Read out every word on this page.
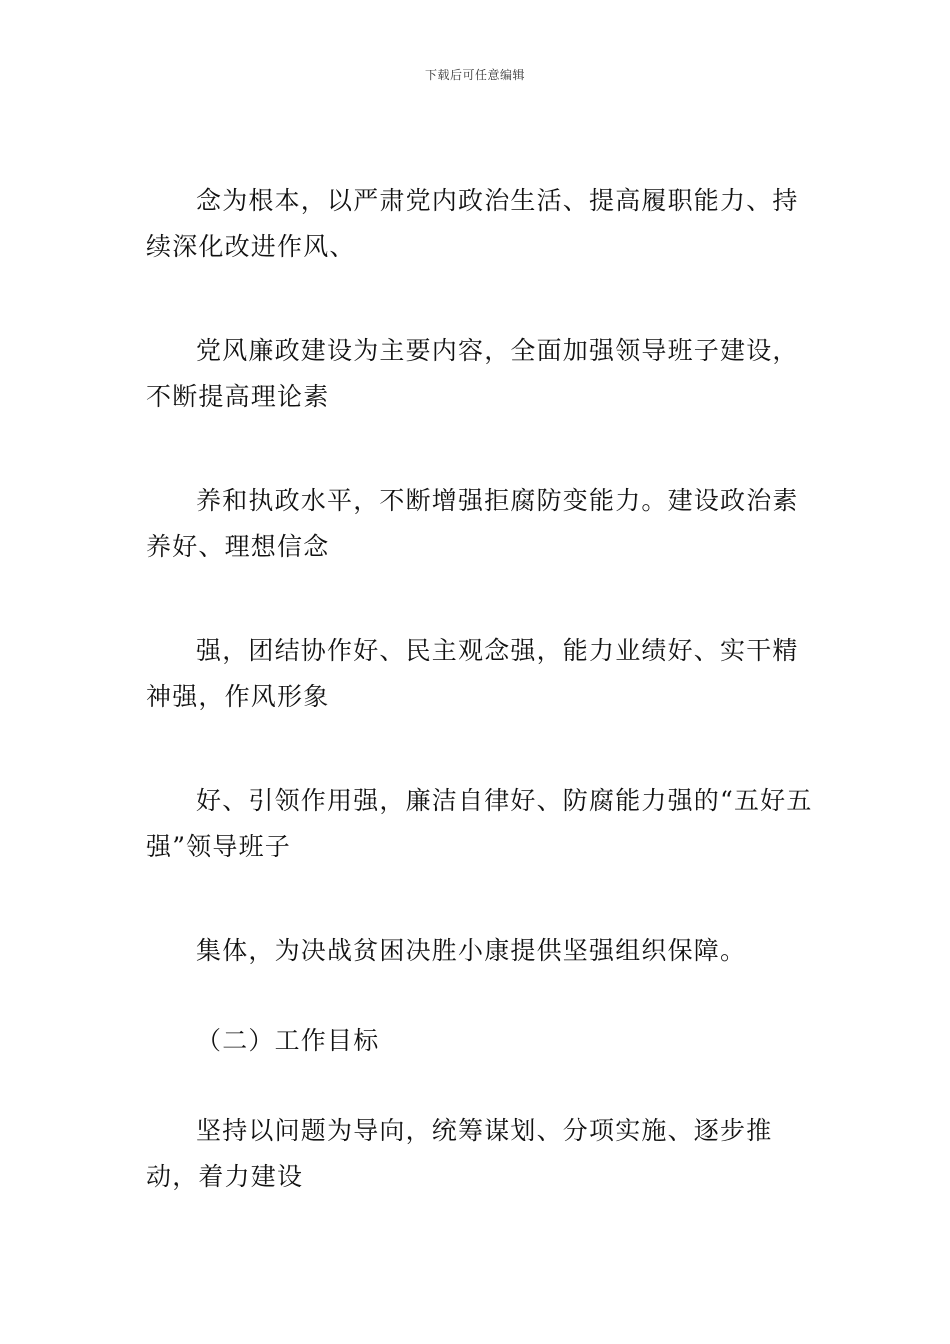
下载后可任意编辑

念为根本，以严肃党内政治生活、提高履职能力、持续深化改进作风、

党风廉政建设为主要内容，全面加强领导班子建设，不断提高理论素

养和执政水平，不断增强拒腐防变能力。建设政治素养好、理想信念

强，团结协作好、民主观念强，能力业绩好、实干精神强，作风形象

好、引领作用强，廉洁自律好、防腐能力强的“五好五强”领导班子

集体，为决战贫困决胜小康提供坚强组织保障。

（二）工作目标

坚持以问题为导向，统筹谋划、分项实施、逐步推动，着力建设
